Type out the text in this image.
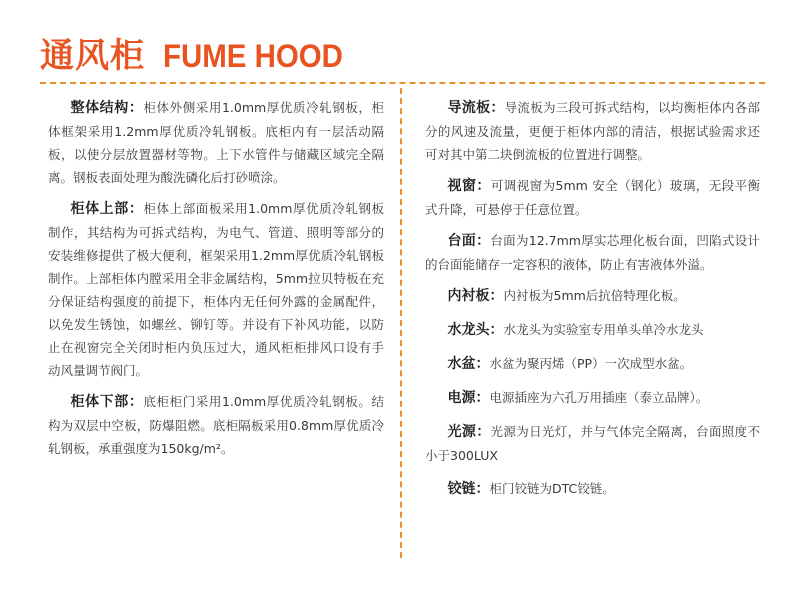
通风柜 FUME HOOD

整体结构：柜体外侧采用1.0mm厚优质冷轧钢板，柜体框架采用1.2mm厚优质冷轧钢板。底柜内有一层活动隔板，以使分层放置器材等物。上下水管件与储藏区域完全隔离。钢板表面处理为酸洗磷化后打砂喷涂。

柜体上部：柜体上部面板采用1.0mm厚优质冷轧钢板制作，其结构为可拆式结构，为电气、管道、照明等部分的安装维修提供了极大便利，框架采用1.2mm厚优质冷轧钢板制作。上部柜体内膛采用全非金属结构，5mm拉贝特板在充分保证结构强度的前提下，柜体内无任何外露的金属配件，以免发生锈蚀，如螺丝、铆钉等。并设有下补风功能，以防止在视窗完全关闭时柜内负压过大，通风柜柜排风口设有手动风量调节阀门。

柜体下部：底柜柜门采用1.0mm厚优质冷轧钢板。结构为双层中空板，防爆阻燃。底柜隔板采用0.8mm厚优质冷轧钢板，承重强度为150kg/m²。

导流板：导流板为三段可拆式结构，以均衡柜体内各部分的风速及流量，更便于柜体内部的清洁，根据试验需求还可对其中第二块倒流板的位置进行调整。

视窗：可调视窗为5mm 安全（钢化）玻璃，无段平衡式升降，可悬停于任意位置。

台面：台面为12.7mm厚实芯理化板台面，凹陷式设计的台面能储存一定容积的液体，防止有害液体外溢。

内衬板：内衬板为5mm后抗倍特理化板。

水龙头：水龙头为实验室专用单头单冷水龙头

水盆：水盆为聚丙烯（PP）一次成型水盆。

电源：电源插座为六孔万用插座（泰立品牌）。

光源：光源为日光灯，并与气体完全隔离，台面照度不小于300LUX

铰链：柜门铰链为DTC铰链。
